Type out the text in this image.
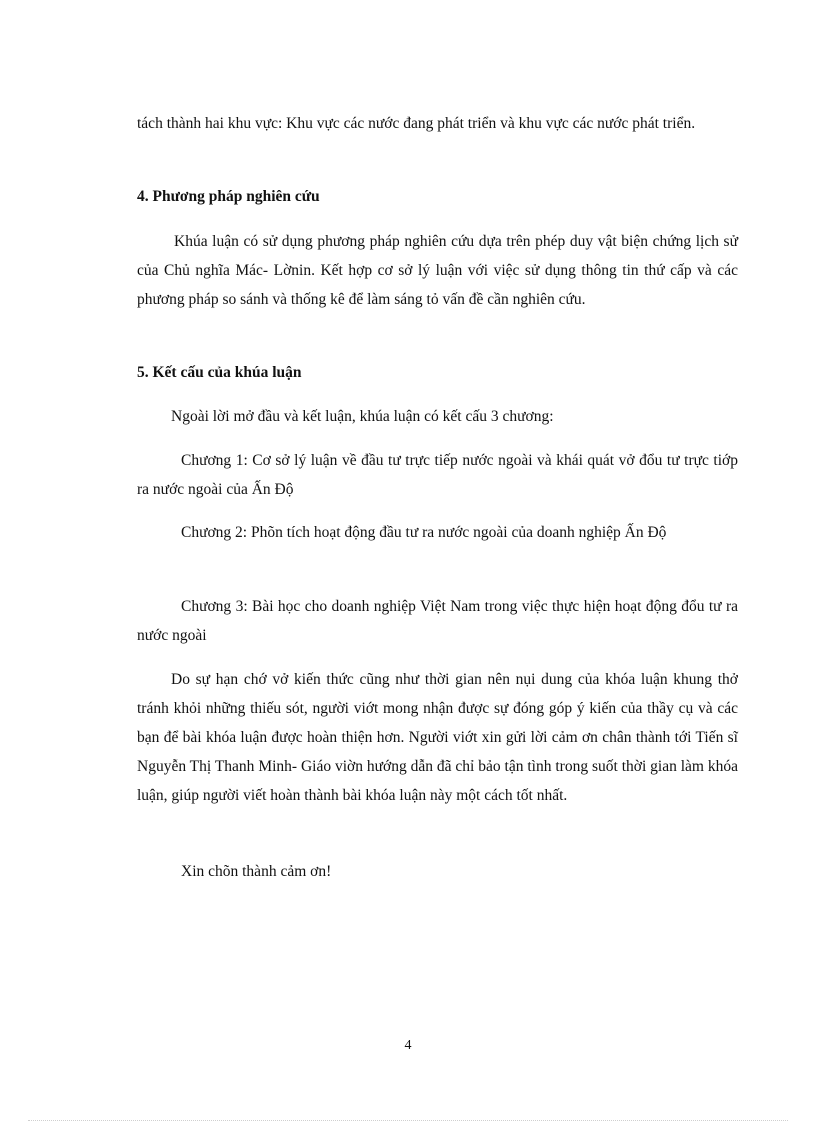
tách thành hai khu vực: Khu vực các nước đang phát triển và khu vực các nước phát triển.

4. Phương pháp nghiên cứu

Khúa luận có sử dụng phương pháp nghiên cứu dựa trên phép duy vật biện chứng lịch sử của Chủ nghĩa Mác- Lờnin. Kết hợp cơ sở lý luận với việc sử dụng thông tin thứ cấp và các phương pháp so sánh và thống kê để làm sáng tỏ vấn đề cần nghiên cứu.

5. Kết cấu của khúa luận

Ngoài lời mở đầu và kết luận, khúa luận có kết cấu 3 chương:

Chương 1: Cơ sở lý luận về đầu tư trực tiếp nước ngoài và khái quát vở đổu tư trực tiớp ra nước ngoài của Ấn Độ

Chương 2: Phõn tích hoạt động đầu tư ra nước ngoài của doanh nghiệp Ấn Độ

Chương 3: Bài học cho doanh nghiệp Việt Nam trong việc thực hiện hoạt động đổu tư ra nước ngoài

Do sự hạn chớ vở kiến thức cũng như thời gian nên nụi dung của khóa luận khung thở tránh khỏi những thiếu sót, người viớt mong nhận được sự đóng góp ý kiến của thầy cụ và các bạn để bài khóa luận được hoàn thiện hơn. Người viớt xin gửi lời cảm ơn chân thành tới Tiến sĩ Nguyễn Thị Thanh Minh- Giáo viờn hướng dẫn đã chỉ bảo tận tình trong suốt thời gian làm khóa luận, giúp người viết hoàn thành bài khóa luận này một cách tốt nhất.

Xin chõn thành cảm ơn!

4
